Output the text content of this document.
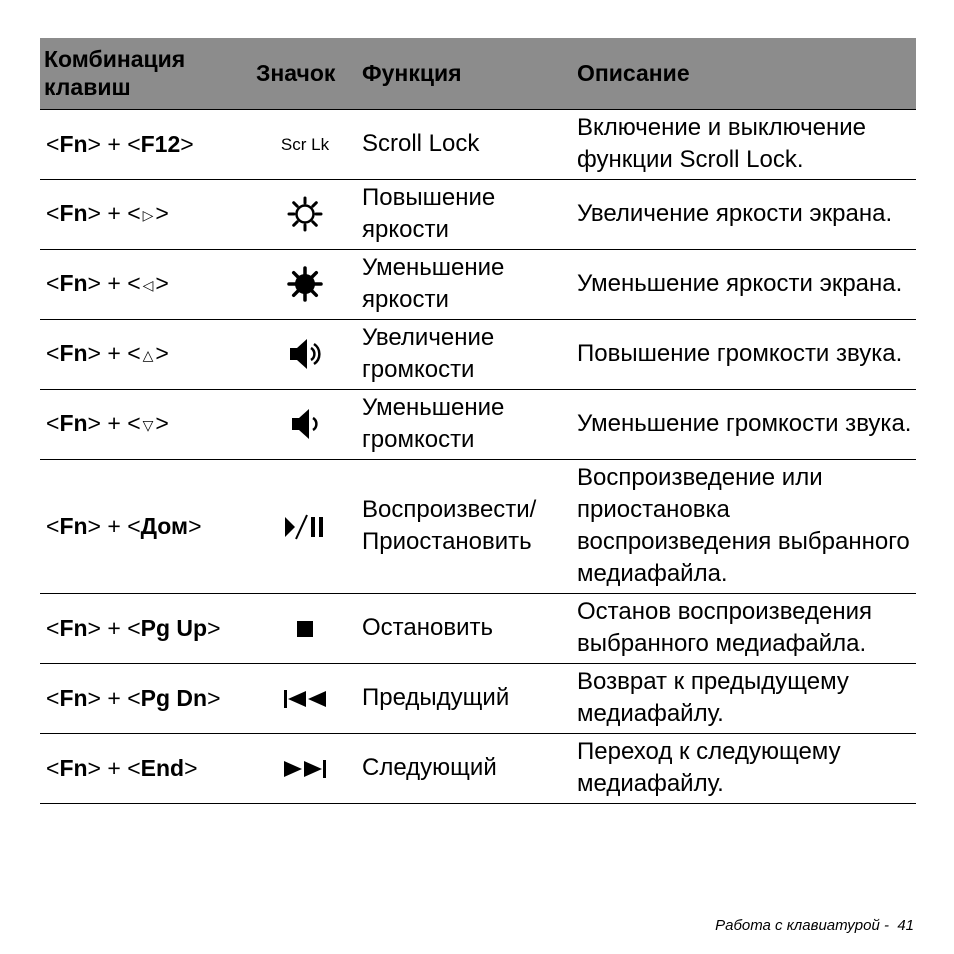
Комбинация клавиш	Значок	Функция	Описание
<Fn> + <F12>	Scr Lk	Scroll Lock	Включение и выключение функции Scroll Lock.
<Fn> + < ▷>		Повышение яркости	Увеличение яркости экрана.
<Fn> + < ◁>		Уменьшение яркости	Уменьшение яркости экрана.
<Fn> + < △>		Увеличение громкости	Повышение громкости звука.
<Fn> + < ▽>		Уменьшение громкости	Уменьшение громкости звука.
<Fn> + <Дом>		Воспроизвести/ Приостановить	Воспроизведение или приостановка воспроизведения выбранного медиафайла.
<Fn> + <Pg Up>		Остановить	Останов воспроизведения выбранного медиафайла.
<Fn> + <Pg Dn>		Предыдущий	Возврат к предыдущему медиафайлу.
<Fn> + <End>		Следующий	Переход к следующему медиафайлу.
Работа с клавиатурой -  41
